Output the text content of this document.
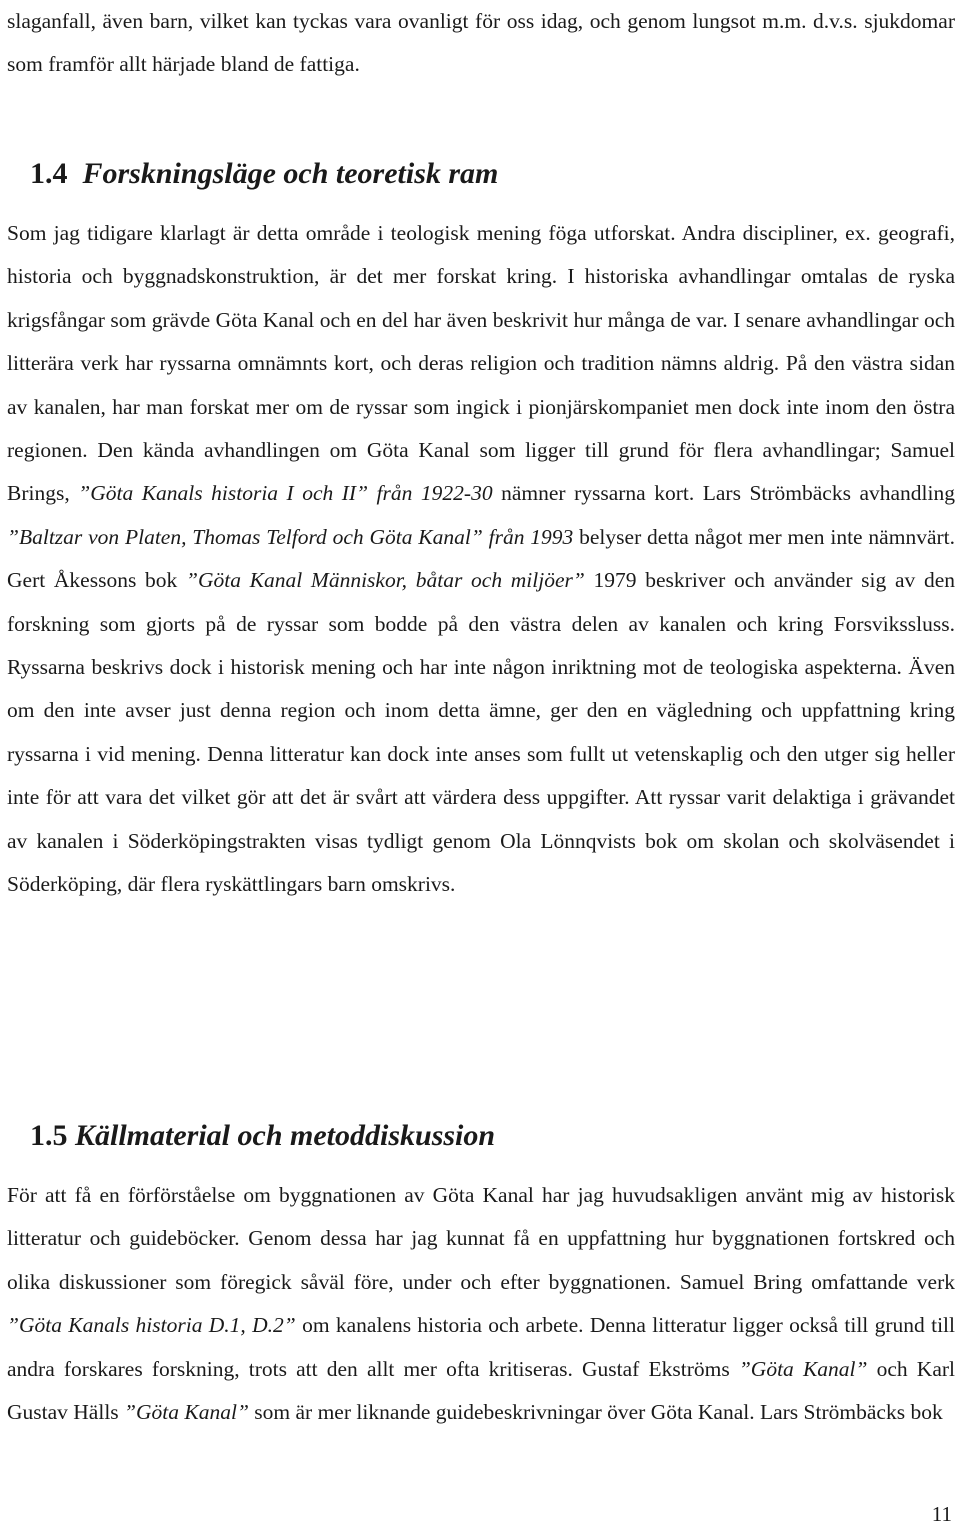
slaganfall, även barn, vilket kan tyckas vara ovanligt för oss idag, och genom lungsot m.m. d.v.s. sjukdomar som framför allt härjade bland de fattiga.

1.4 Forskningsläge och teoretisk ram

Som jag tidigare klarlagt är detta område i teologisk mening föga utforskat. Andra discipliner, ex. geografi, historia och byggnadskonstruktion, är det mer forskat kring. I historiska avhandlingar omtalas de ryska krigsfångar som grävde Göta Kanal och en del har även beskrivit hur många de var. I senare avhandlingar och litterära verk har ryssarna omnämnts kort, och deras religion och tradition nämns aldrig. På den västra sidan av kanalen, har man forskat mer om de ryssar som ingick i pionjärskompaniet men dock inte inom den östra regionen. Den kända avhandlingen om Göta Kanal som ligger till grund för flera avhandlingar; Samuel Brings, ”Göta Kanals historia I och II” från 1922-30 nämner ryssarna kort. Lars Strömbäcks avhandling ”Baltzar von Platen, Thomas Telford och Göta Kanal” från 1993 belyser detta något mer men inte nämnvärt. Gert Åkessons bok ”Göta Kanal Människor, båtar och miljöer” 1979 beskriver och använder sig av den forskning som gjorts på de ryssar som bodde på den västra delen av kanalen och kring Forsvikssluss. Ryssarna beskrivs dock i historisk mening och har inte någon inriktning mot de teologiska aspekterna. Även om den inte avser just denna region och inom detta ämne, ger den en vägledning och uppfattning kring ryssarna i vid mening. Denna litteratur kan dock inte anses som fullt ut vetenskaplig och den utger sig heller inte för att vara det vilket gör att det är svårt att värdera dess uppgifter. Att ryssar varit delaktiga i grävandet av kanalen i Söderköpingstrakten visas tydligt genom Ola Lönnqvists bok om skolan och skolväsendet i Söderköping, där flera ryskättlingars barn omskrivs.

1.5 Källmaterial och metoddiskussion

För att få en förförståelse om byggnationen av Göta Kanal har jag huvudsakligen använt mig av historisk litteratur och guideböcker. Genom dessa har jag kunnat få en uppfattning hur byggnationen fortskred och olika diskussioner som föregick såväl före, under och efter byggnationen. Samuel Bring omfattande verk ”Göta Kanals historia D.1, D.2” om kanalens historia och arbete. Denna litteratur ligger också till grund till andra forskares forskning, trots att den allt mer ofta kritiseras. Gustaf Ekströms ”Göta Kanal” och Karl Gustav Hälls ”Göta Kanal” som är mer liknande guidebeskrivningar över Göta Kanal. Lars Strömbäcks bok

11
